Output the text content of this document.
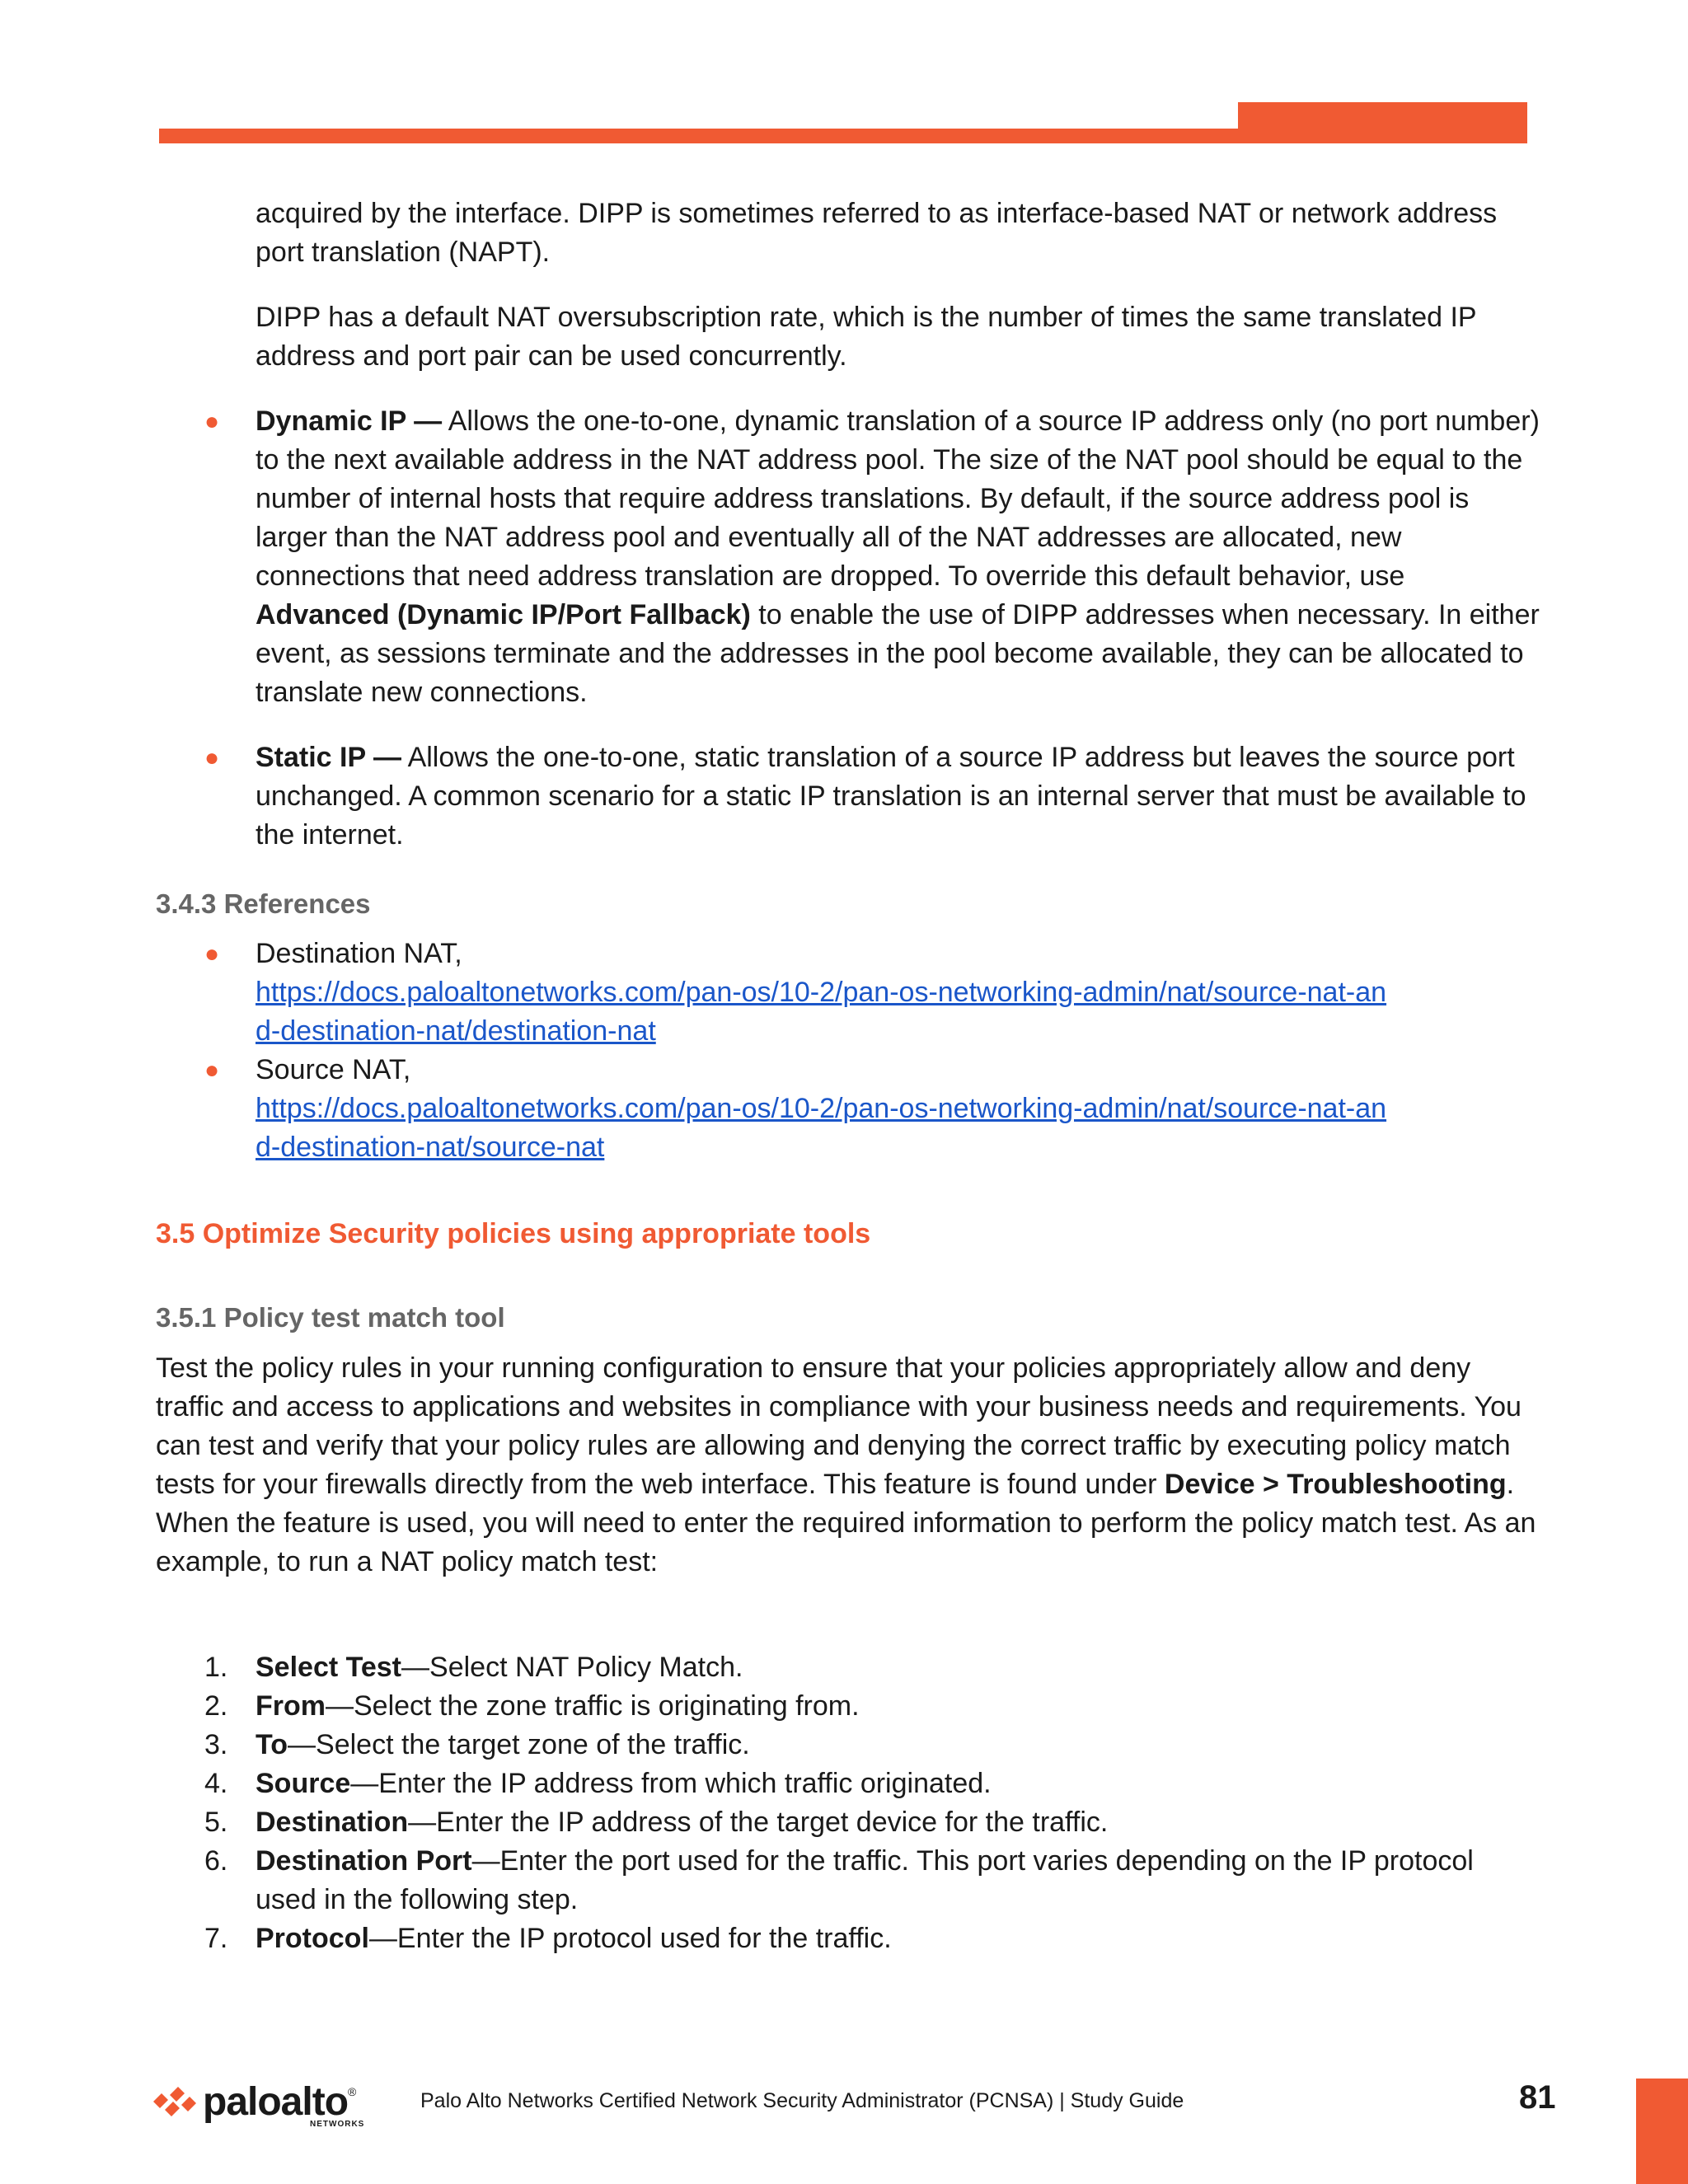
acquired by the interface. DIPP is sometimes referred to as interface-based NAT or network address port translation (NAPT).

DIPP has a default NAT oversubscription rate, which is the number of times the same translated IP address and port pair can be used concurrently.

● Dynamic IP — Allows the one-to-one, dynamic translation of a source IP address only (no port number) to the next available address in the NAT address pool. The size of the NAT pool should be equal to the number of internal hosts that require address translations. By default, if the source address pool is larger than the NAT address pool and eventually all of the NAT addresses are allocated, new connections that need address translation are dropped. To override this default behavior, use Advanced (Dynamic IP/Port Fallback) to enable the use of DIPP addresses when necessary. In either event, as sessions terminate and the addresses in the pool become available, they can be allocated to translate new connections.

● Static IP — Allows the one-to-one, static translation of a source IP address but leaves the source port unchanged. A common scenario for a static IP translation is an internal server that must be available to the internet.

3.4.3 References
● Destination NAT,
https://docs.paloaltonetworks.com/pan-os/10-2/pan-os-networking-admin/nat/source-nat-an
d-destination-nat/destination-nat
● Source NAT,
https://docs.paloaltonetworks.com/pan-os/10-2/pan-os-networking-admin/nat/source-nat-an
d-destination-nat/source-nat
3.5 Optimize Security policies using appropriate tools
3.5.1 Policy test match tool

Test the policy rules in your running configuration to ensure that your policies appropriately allow and deny traffic and access to applications and websites in compliance with your business needs and requirements. You can test and verify that your policy rules are allowing and denying the correct traffic by executing policy match tests for your firewalls directly from the web interface. This feature is found under Device > Troubleshooting. When the feature is used, you will need to enter the required information to perform the policy match test. As an example, to run a NAT policy match test:

1. Select Test—Select NAT Policy Match.

2. From—Select the zone traffic is originating from.

3. To—Select the target zone of the traffic.

4. Source—Enter the IP address from which traffic originated.

5. Destination—Enter the IP address of the target device for the traffic.

6. Destination Port—Enter the port used for the traffic. This port varies depending on the IP protocol used in the following step.

7. Protocol—Enter the IP protocol used for the traffic.

paloalto ®
NETWORKS
Palo Alto Networks Certified Network Security Administrator (PCNSA) | Study Guide	81
